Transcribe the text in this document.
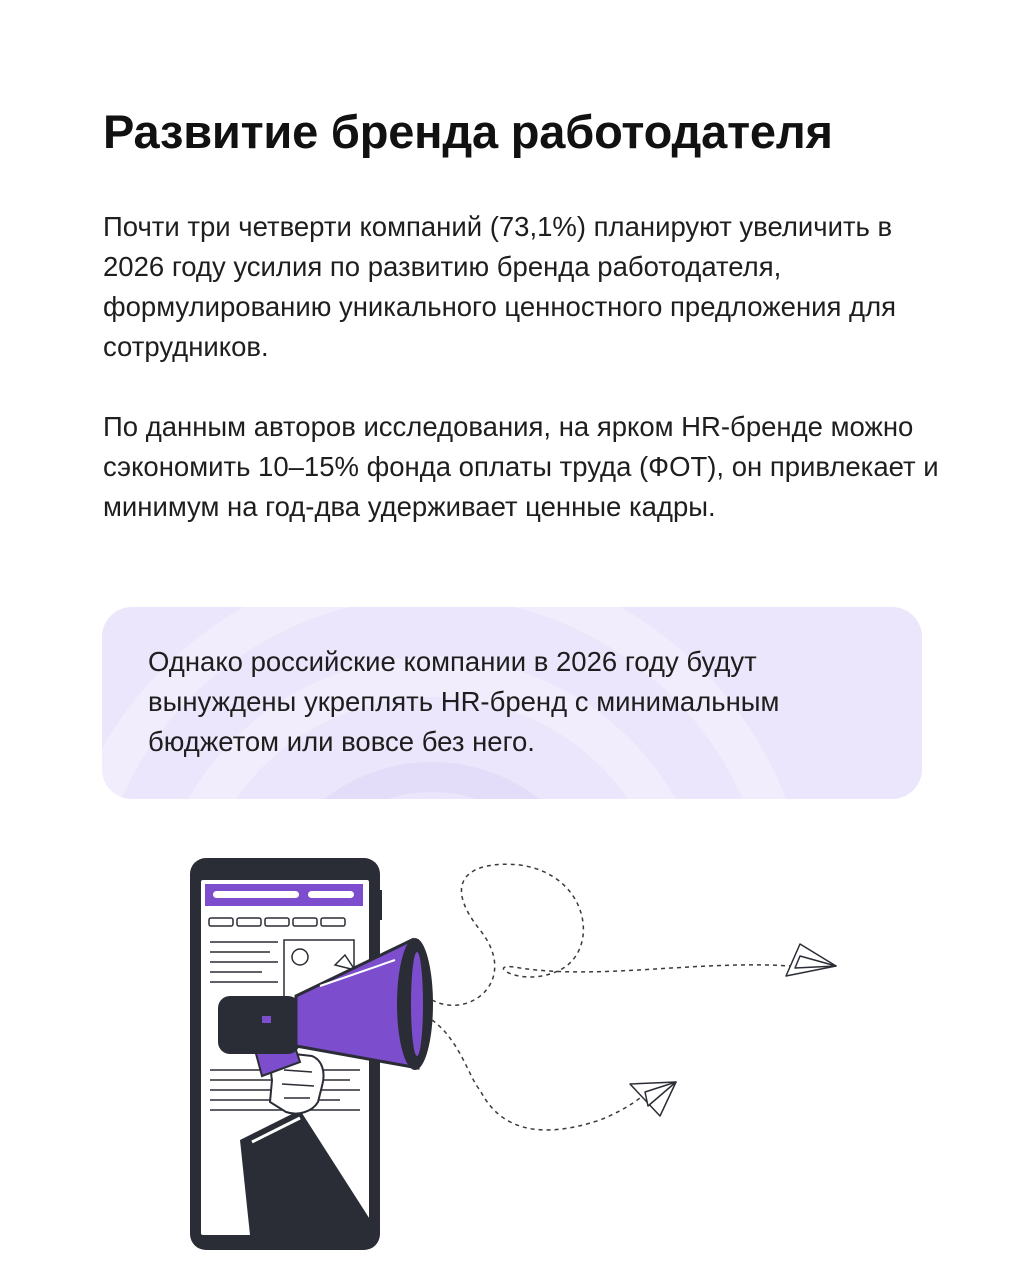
Развитие бренда работодателя

Почти три четверти компаний (73,1%) планируют увеличить в 2026 году усилия по развитию бренда работодателя, формулированию уникального ценностного предложения для сотрудников.

По данным авторов исследования, на ярком HR-бренде можно сэкономить 10–15% фонда оплаты труда (ФОТ), он привлекает и минимум на год-два удерживает ценные кадры.

Однако российские компании в 2026 году будут вынуждены укреплять HR-бренд с минимальным бюджетом или вовсе без него.
